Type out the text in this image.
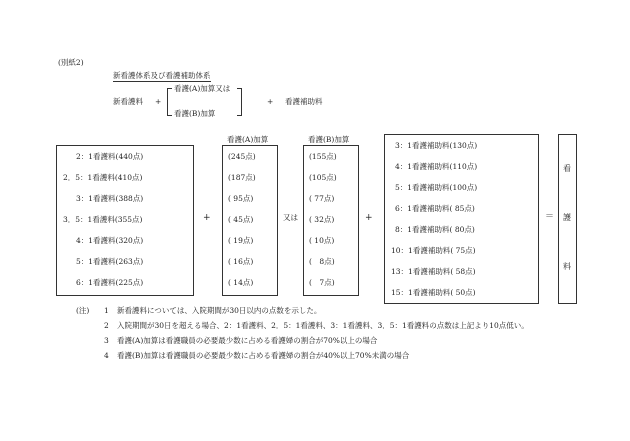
(別紙2)
新看護体系及び看護補助体系
新看護料 +
看護(A)加算又は
看護(B)加算
+ 看護補助料
看護(A)加算	看護(B)加算
2：1看護料(440点)
2．5：1看護料(410点)
3：1看護料(388点)
3．5：1看護料(355点)
4：1看護料(320点)
5：1看護料(263点)
6：1看護料(225点)
+
(245点)
(187点)
( 95点)
( 45点)
( 19点)
( 16点)
( 14点)
又は
(155点)
(105点)
( 77点)
( 32点)
( 10点)
(　8点)
(　7点)
+
3：1看護補助料(130点)
4：1看護補助料(110点)
5：1看護補助料(100点)
6：1看護補助料( 85点)
8：1看護補助料( 80点)
10：1看護補助料( 75点)
13：1看護補助料( 58点)
15：1看護補助料( 50点)
＝
看
護
料
(注) 1 新看護料については、入院期間が30日以内の点数を示した。
2 入院期間が30日を超える場合、2：1看護料、2．5：1看護料、3：1看護料、3．5：1看護料の点数は上記より10点低い。
3 看護(A)加算は看護職員の必要最少数に占める看護婦の割合が70%以上の場合
4 看護(B)加算は看護職員の必要最少数に占める看護婦の割合が40%以上70%未満の場合
